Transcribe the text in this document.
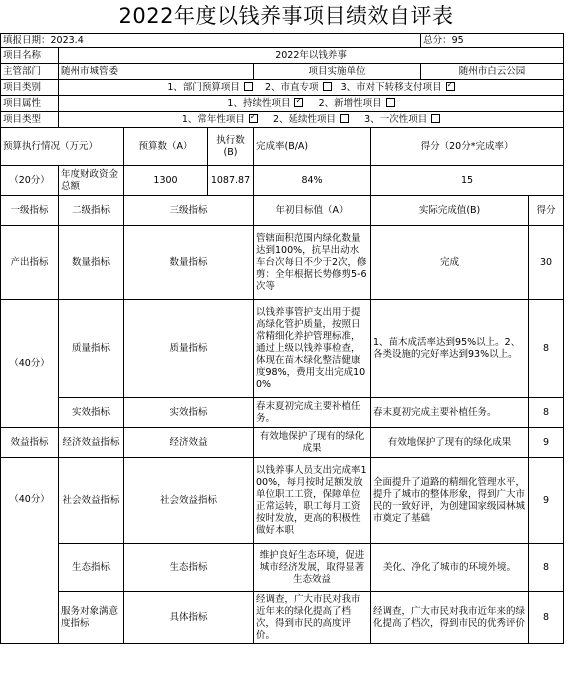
2022年度以钱养事项目绩效自评表
填报日期：2023.4						总分：95	
项目名称	2022年以钱养事						
主管部门	随州市城管委			项目实施单位		随州市白云公园	
项目类别	1、部门预算项目 2、市直专项 3、市对下转移支付项目✓
项目属性	1、持续性项目 ✓ 2、新增性项目
项目类型	1、常年性项目 ✓ 2、延续性项目 3、一次性项目
预算执行情况（万元）		预算数（A）	执行数(B)	完成率(B/A)	得分（20分*完成率）		
（20分）	年度财政资金总额	1300	1087.87	84%	15		
一级指标	二级指标	三级指标		年初目标值（A）	实际完成值(B)		得分
产出指标	数量指标	数量指标		管辖面积范围内绿化数量达到100%，抗旱出动水车台次每日不少于2次，修剪：全年根据长势修剪5-6次等	完成		30
（40分）	质量指标	质量指标		以钱养事管护支出用于提高绿化管护质量，按照日常精细化养护管理标准，通过上级以钱养事检查，体现在苗木绿化整洁健康度98%，费用支出完成100%	1、苗木成活率达到95%以上。2、各类设施的完好率达到93%以上。		8
	实效指标	实效指标		春末夏初完成主要补植任务。	春末夏初完成主要补植任务。		8
效益指标	经济效益指标	经济效益		有效地保护了现有的绿化成果	有效地保护了现有的绿化成果		9
（40分）	社会效益指标	社会效益指标		以钱养事人员支出完成率100%，每月按时足额发放单位职工工资，保障单位正常运转，职工每月工资按时发放，更高的积极性做好本职	全面提升了道路的精细化管理水平，提升了城市的整体形象，得到广大市民的一致好评，为创建国家级园林城市奠定了基础		9
	生态指标	生态指标		维护良好生态环境，促进城市经济发展，取得显著生态效益	美化、净化了城市的环境外境。		8
	服务对象满意度指标	具体指标		经调查，广大市民对我市近年来的绿化提高了档次，得到市民的高度评价。	经调查，广大市民对我市近年来的绿化提高了档次，得到市民的优秀评价		8
